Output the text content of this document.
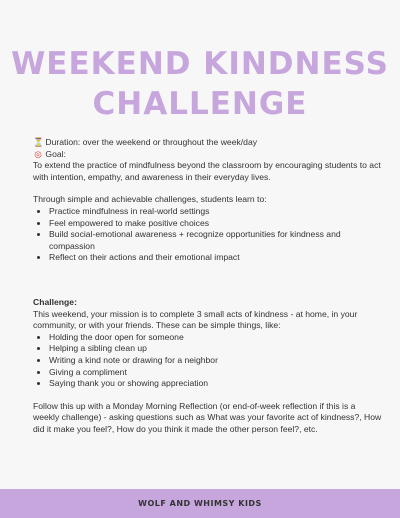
WEEKEND KINDNESS
CHALLENGE

⏳ Duration: over the weekend or throughout the week/day

◎ Goal:

To extend the practice of mindfulness beyond the classroom by encouraging students to act with intention, empathy, and awareness in their everyday lives.

Through simple and achievable challenges, students learn to:

• Practice mindfulness in real-world settings
• Feel empowered to make positive choices
• Build social-emotional awareness + recognize opportunities for kindness and compassion
• Reflect on their actions and their emotional impact

Challenge:

This weekend, your mission is to complete 3 small acts of kindness - at home, in your community, or with your friends. These can be simple things, like:

• Holding the door open for someone
• Helping a sibling clean up
• Writing a kind note or drawing for a neighbor
• Giving a compliment
• Saying thank you or showing appreciation

Follow this up with a Monday Morning Reflection (or end-of-week reflection if this is a weekly challenge) - asking questions such as What was your favorite act of kindness?, How did it make you feel?, How do you think it made the other person feel?, etc.

WOLF AND WHIMSY KIDS
